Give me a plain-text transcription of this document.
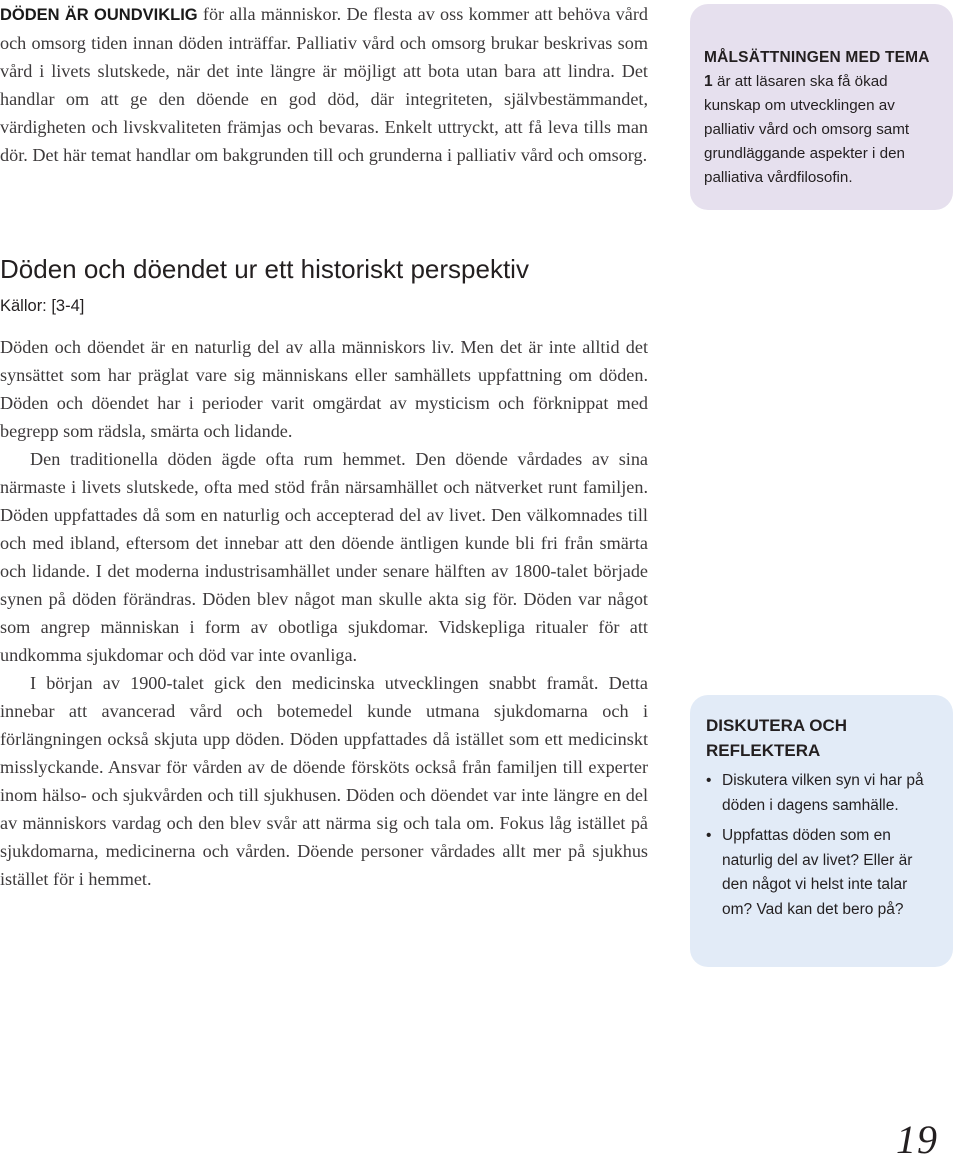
DÖDEN ÄR OUNDVIKLIG för alla människor. De flesta av oss kommer att behöva vård och omsorg tiden innan döden inträffar. Palliativ vård och omsorg brukar beskrivas som vård i livets slutskede, när det inte längre är möjligt att bota utan bara att lindra. Det handlar om att ge den döende en god död, där integriteten, självbestämmandet, värdigheten och livskvaliteten främjas och bevaras. Enkelt uttryckt, att få leva tills man dör. Det här temat handlar om bakgrunden till och grunderna i palliativ vård och omsorg.

Döden och döendet ur ett historiskt perspektiv

Källor: [3-4]

Döden och döendet är en naturlig del av alla människors liv. Men det är inte alltid det synsättet som har präglat vare sig människans eller samhällets uppfattning om döden. Döden och döendet har i perioder varit omgärdat av mysticism och förknippat med begrepp som rädsla, smärta och lidande.

Den traditionella döden ägde ofta rum hemmet. Den döende vårdades av sina närmaste i livets slutskede, ofta med stöd från närsamhället och nätverket runt familjen. Döden uppfattades då som en naturlig och accepterad del av livet. Den välkomnades till och med ibland, eftersom det innebar att den döende äntligen kunde bli fri från smärta och lidande. I det moderna industrisamhället under senare hälften av 1800-talet började synen på döden förändras. Döden blev något man skulle akta sig för. Döden var något som angrep människan i form av obotliga sjukdomar. Vidskepliga ritualer för att undkomma sjukdomar och död var inte ovanliga.

I början av 1900-talet gick den medicinska utvecklingen snabbt framåt. Detta innebar att avancerad vård och botemedel kunde utmana sjukdomarna och i förlängningen också skjuta upp döden. Döden uppfattades då istället som ett medicinskt misslyckande. Ansvar för vården av de döende försköts också från familjen till experter inom hälso- och sjukvården och till sjukhusen. Döden och döendet var inte längre en del av människors vardag och den blev svår att närma sig och tala om. Fokus låg istället på sjukdomarna, medicinerna och vården. Döende personer vårdades allt mer på sjukhus istället för i hemmet.

MÅLSÄTTNINGEN MED TEMA 1 är att läsaren ska få ökad kunskap om utvecklingen av palliativ vård och omsorg samt grundläggande aspekter i den palliativa vårdfilosofin.

DISKUTERA OCH REFLEKTERA

• Diskutera vilken syn vi har på döden i dagens samhälle.
• Uppfattas döden som en naturlig del av livet? Eller är den något vi helst inte talar om? Vad kan det bero på?
19
